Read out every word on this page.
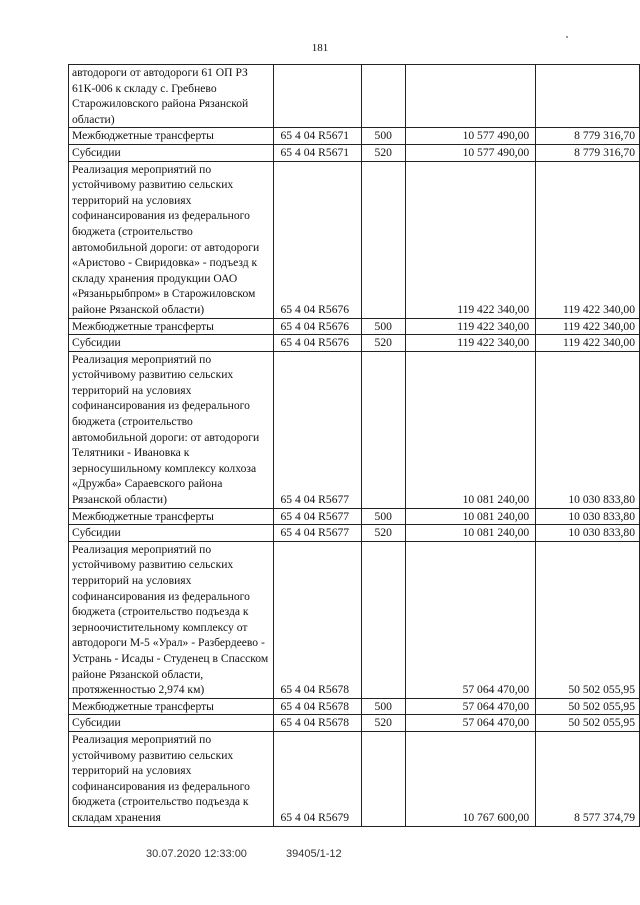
181
автодороги от автодороги 61 ОП РЗ 61К-006 к складу с. Гребнево Старожиловского района Рязанской области)				
Межбюджетные трансферты	65 4 04 R5671	500	10 577 490,00	8 779 316,70
Субсидии	65 4 04 R5671	520	10 577 490,00	8 779 316,70
Реализация мероприятий по устойчивому развитию сельских территорий на условиях софинансирования из федерального бюджета (строительство автомобильной дороги: от автодороги «Аристово - Свиридовка» - подъезд к складу хранения продукции ОАО «Рязаньрыбпром» в Старожиловском районе Рязанской области)	65 4 04 R5676		119 422 340,00	119 422 340,00
Межбюджетные трансферты	65 4 04 R5676	500	119 422 340,00	119 422 340,00
Субсидии	65 4 04 R5676	520	119 422 340,00	119 422 340,00
Реализация мероприятий по устойчивому развитию сельских территорий на условиях софинансирования из федерального бюджета (строительство автомобильной дороги: от автодороги Телятники - Ивановка к зерносушильному комплексу колхоза «Дружба» Сараевского района Рязанской области)	65 4 04 R5677		10 081 240,00	10 030 833,80
Межбюджетные трансферты	65 4 04 R5677	500	10 081 240,00	10 030 833,80
Субсидии	65 4 04 R5677	520	10 081 240,00	10 030 833,80
Реализация мероприятий по устойчивому развитию сельских территорий на условиях софинансирования из федерального бюджета (строительство подъезда к зерноочистительному комплексу от автодороги М-5 «Урал» - Разбердеево - Устрань - Исады - Студенец в Спасском районе Рязанской области, протяженностью 2,974 км)	65 4 04 R5678		57 064 470,00	50 502 055,95
Межбюджетные трансферты	65 4 04 R5678	500	57 064 470,00	50 502 055,95
Субсидии	65 4 04 R5678	520	57 064 470,00	50 502 055,95
Реализация мероприятий по устойчивому развитию сельских территорий на условиях софинансирования из федерального бюджета (строительство подъезда к складам хранения	65 4 04 R5679		10 767 600,00	8 577 374,79
30.07.2020 12:33:00	39405/1-12
